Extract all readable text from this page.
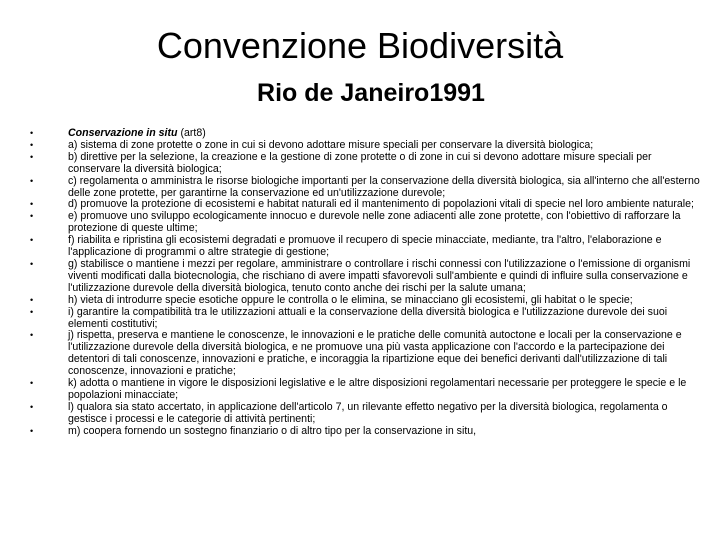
Convenzione Biodiversità
Rio de Janeiro1991
•	Conservazione in situ (art8)
•	a) sistema di zone protette o zone in cui si devono adottare misure speciali per conservare la diversità biologica;
•	b) direttive per la selezione, la creazione e la gestione di zone protette o di zone in cui si devono adottare misure speciali per conservare la diversità biologica;
•	c) regolamenta o amministra le risorse biologiche importanti per la conservazione della diversità biologica, sia all'interno che all'esterno delle zone protette, per garantirne la conservazione ed un'utilizzazione durevole;
•	d) promuove la protezione di ecosistemi e habitat naturali ed il mantenimento di popolazioni vitali di specie nel loro ambiente naturale;
•	e) promuove uno sviluppo ecologicamente innocuo e durevole nelle zone adiacenti alle zone protette, con l'obiettivo di rafforzare la protezione di queste ultime;
•	f) riabilita e ripristina gli ecosistemi degradati e promuove il recupero di specie minacciate, mediante, tra l'altro, l'elaborazione e l'applicazione di programmi o altre strategie di gestione;
•	g) stabilisce o mantiene i mezzi per regolare, amministrare o controllare i rischi connessi con l'utilizzazione o l'emissione di organismi viventi modificati dalla biotecnologia, che rischiano di avere impatti sfavorevoli sull'ambiente e quindi di influire sulla conservazione e l'utilizzazione durevole della diversità biologica, tenuto conto anche dei rischi per la salute umana;
•	h) vieta di introdurre specie esotiche oppure le controlla o le elimina, se minacciano gli ecosistemi, gli habitat o le specie;
•	i) garantire la compatibilità tra le utilizzazioni attuali e la conservazione della diversità biologica e l'utilizzazione durevole dei suoi elementi costitutivi;
•	j) rispetta, preserva e mantiene le conoscenze, le innovazioni e le pratiche delle comunità autoctone e locali per la conservazione e l'utilizzazione durevole della diversità biologica, e ne promuove una più vasta applicazione con l'accordo e la partecipazione dei detentori di tali conoscenze, innovazioni e pratiche, e incoraggia la ripartizione eque dei benefici derivanti dall'utilizzazione di tali conoscenze, innovazioni e pratiche;
•	k) adotta o mantiene in vigore le disposizioni legislative e le altre disposizioni regolamentari necessarie per proteggere le specie e le popolazioni minacciate;
•	l) qualora sia stato accertato, in applicazione dell'articolo 7, un rilevante effetto negativo per la diversità biologica, regolamenta o gestisce i processi e le categorie di attività pertinenti;
•	m) coopera fornendo un sostegno finanziario o di altro tipo per la conservazione in situ,
